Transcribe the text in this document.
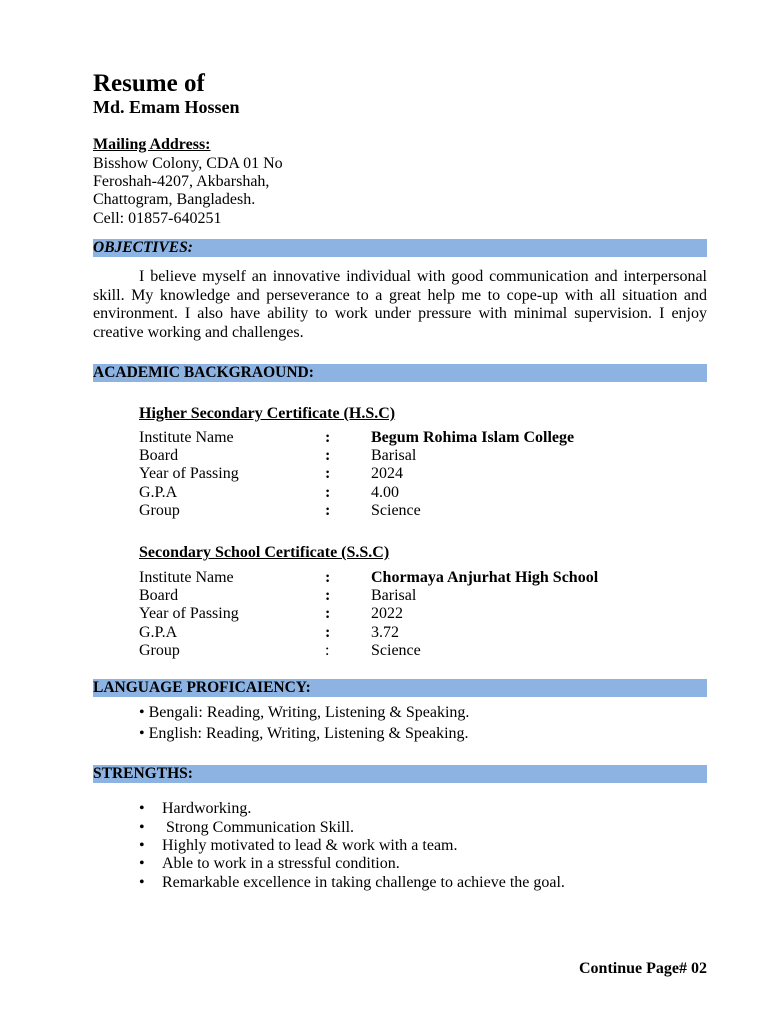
Resume of
Md. Emam Hossen
Mailing Address:
Bisshow Colony, CDA 01 No
Feroshah-4207, Akbarshah,
Chattogram, Bangladesh.
Cell: 01857-640251
OBJECTIVES:
I believe myself an innovative individual with good communication and interpersonal skill. My knowledge and perseverance to a great help me to cope-up with all situation and environment. I also have ability to work under pressure with minimal supervision. I enjoy creative working and challenges.
ACADEMIC BACKGRAOUND:
Higher Secondary Certificate (H.S.C)
Institute Name	:	Begum Rohima Islam College
Board	:	Barisal
Year of Passing	:	2024
G.P.A	:	4.00
Group	:	Science
Secondary School Certificate (S.S.C)
Institute Name	:	Chormaya Anjurhat High School
Board	:	Barisal
Year of Passing	:	2022
G.P.A	:	3.72
Group	:	Science
LANGUAGE PROFICAIENCY:
• Bengali: Reading, Writing, Listening & Speaking.
• English: Reading, Writing, Listening & Speaking.
STRENGTHS:
• Hardworking.
• Strong Communication Skill.
• Highly motivated to lead & work with a team.
• Able to work in a stressful condition.
• Remarkable excellence in taking challenge to achieve the goal.
Continue Page# 02
